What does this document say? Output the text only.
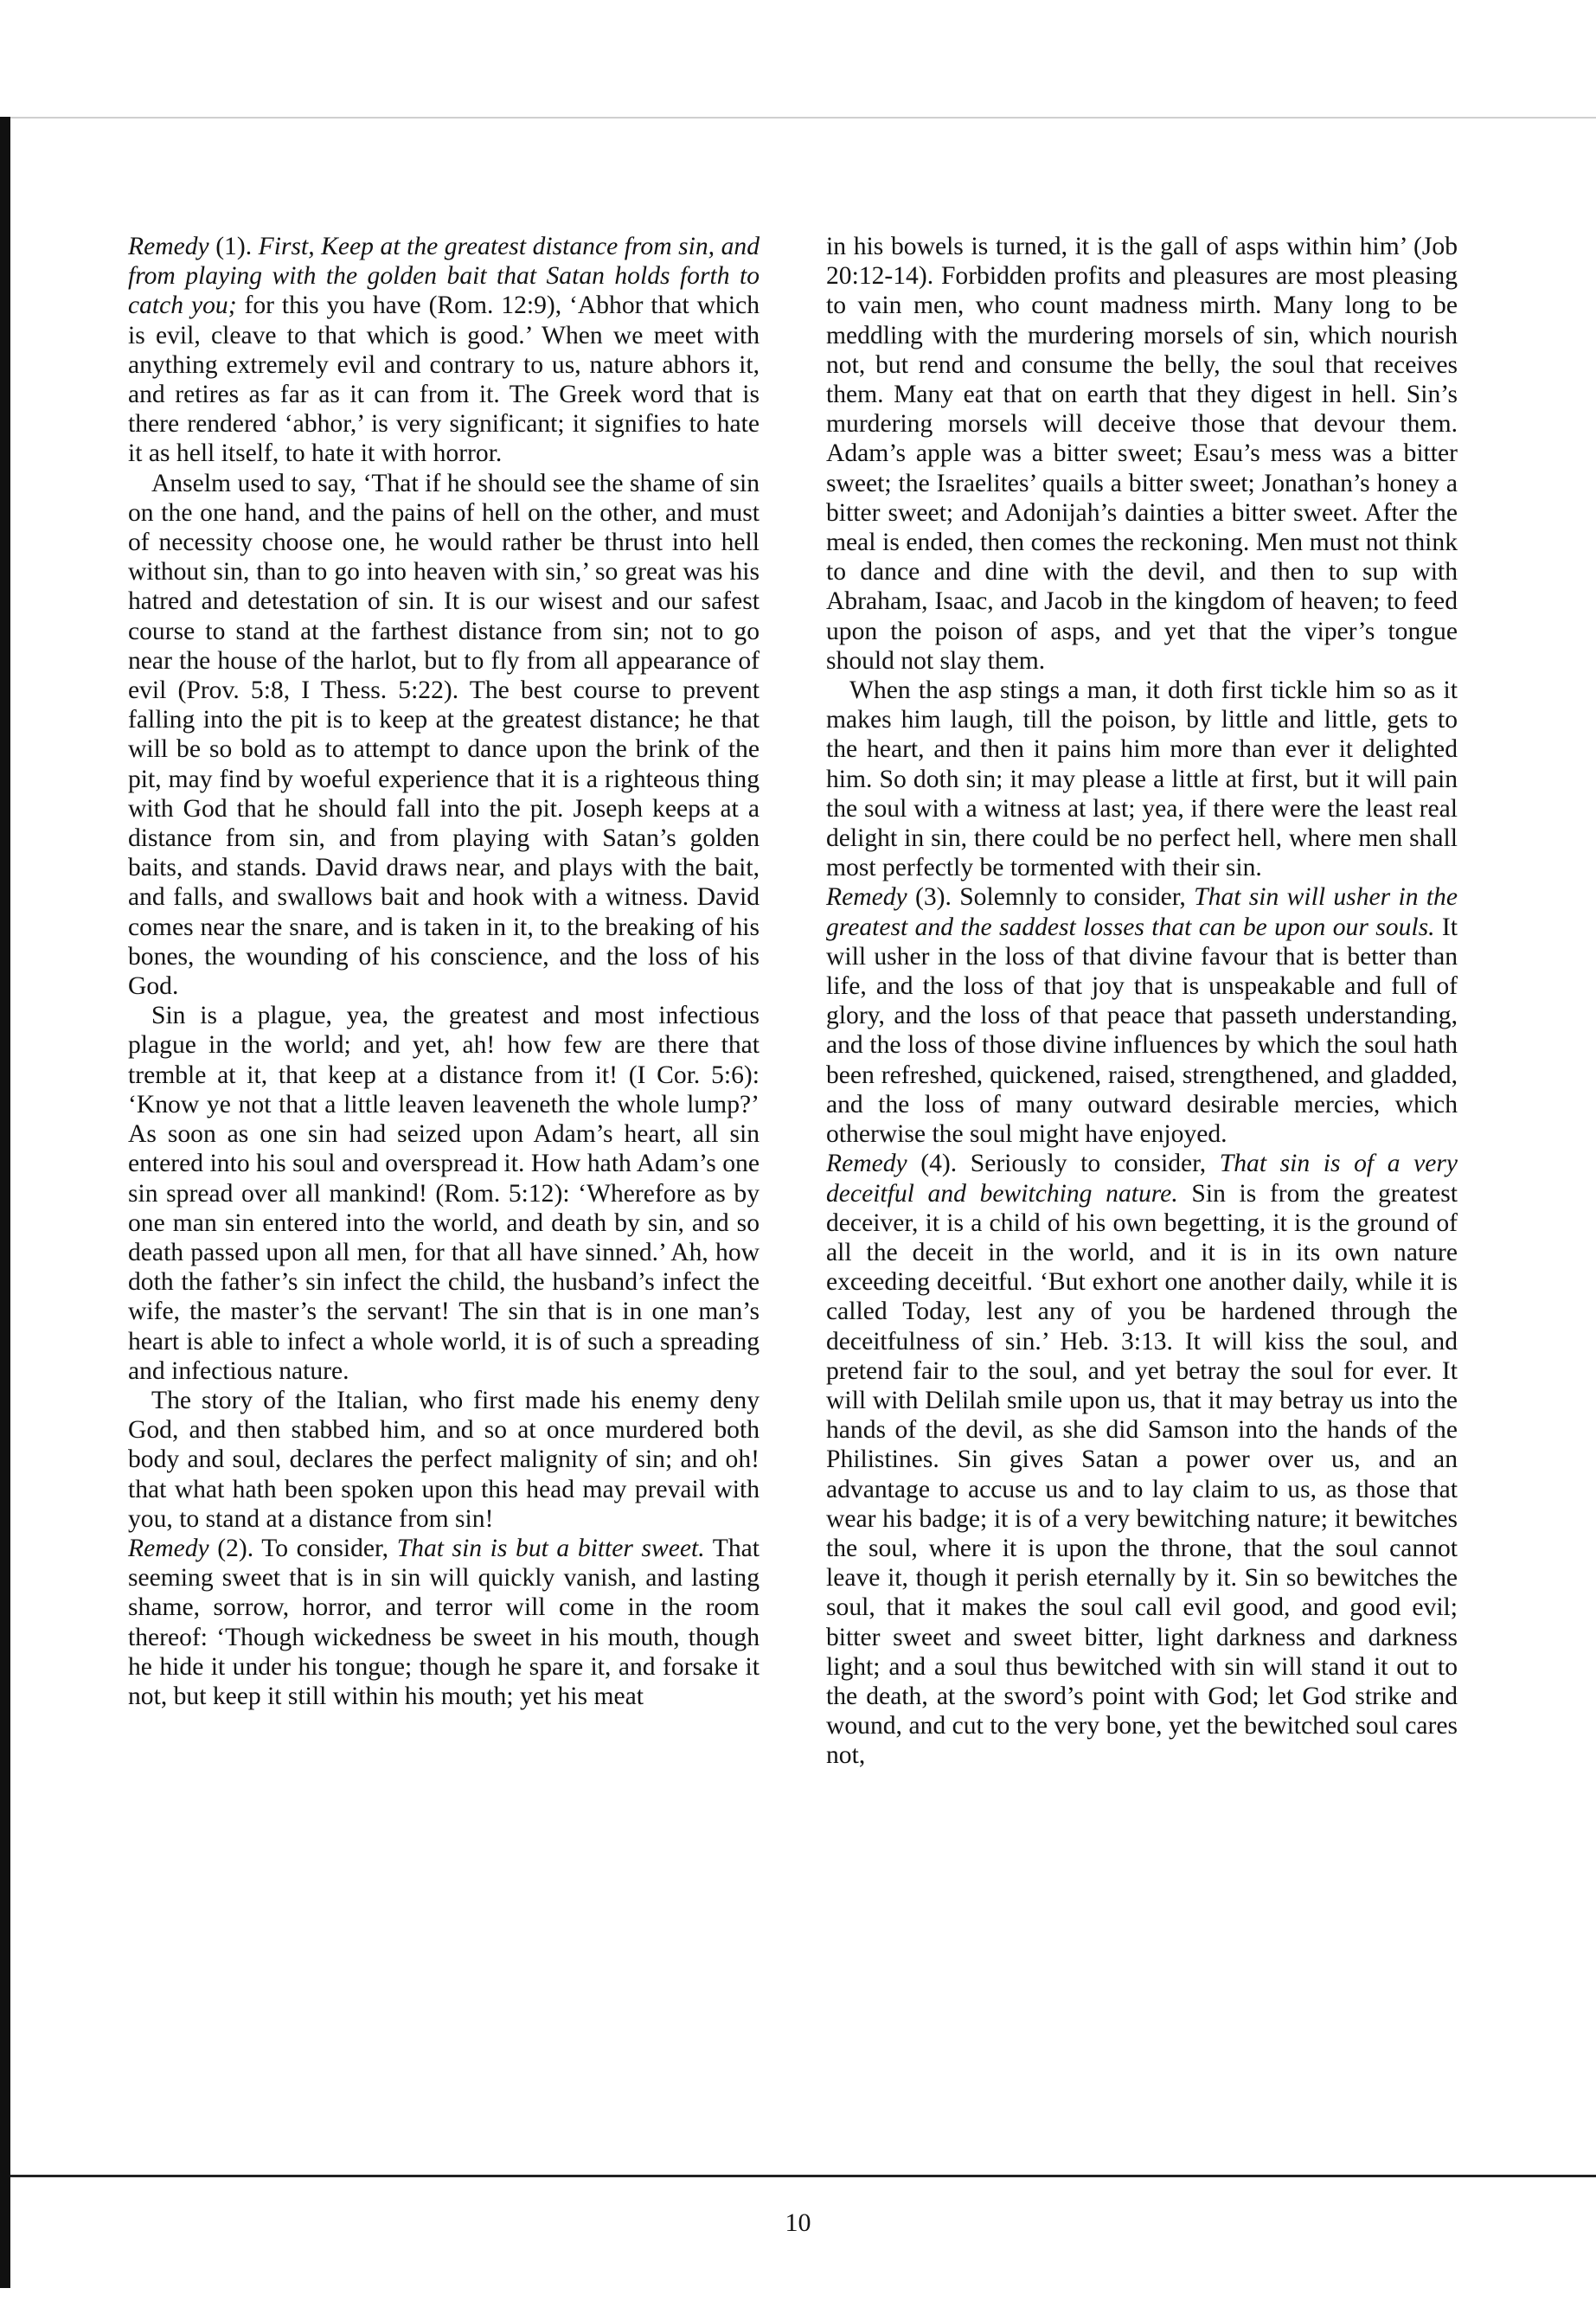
Remedy (1). First, Keep at the greatest distance from sin, and from playing with the golden bait that Satan holds forth to catch you; for this you have (Rom. 12:9), ‘Abhor that which is evil, cleave to that which is good.’ When we meet with anything extremely evil and contrary to us, nature abhors it, and retires as far as it can from it. The Greek word that is there rendered ‘abhor,’ is very significant; it signifies to hate it as hell itself, to hate it with horror.

Anselm used to say, ‘That if he should see the shame of sin on the one hand, and the pains of hell on the other, and must of necessity choose one, he would rather be thrust into hell without sin, than to go into heaven with sin,’ so great was his hatred and detestation of sin. It is our wisest and our safest course to stand at the farthest distance from sin; not to go near the house of the harlot, but to fly from all appearance of evil (Prov. 5:8, I Thess. 5:22). The best course to prevent falling into the pit is to keep at the greatest distance; he that will be so bold as to attempt to dance upon the brink of the pit, may find by woeful experience that it is a righteous thing with God that he should fall into the pit. Joseph keeps at a distance from sin, and from playing with Satan’s golden baits, and stands. David draws near, and plays with the bait, and falls, and swallows bait and hook with a witness. David comes near the snare, and is taken in it, to the breaking of his bones, the wounding of his conscience, and the loss of his God.

Sin is a plague, yea, the greatest and most infectious plague in the world; and yet, ah! how few are there that tremble at it, that keep at a distance from it! (I Cor. 5:6): ‘Know ye not that a little leaven leaveneth the whole lump?’ As soon as one sin had seized upon Adam’s heart, all sin entered into his soul and overspread it. How hath Adam’s one sin spread over all mankind! (Rom. 5:12): ‘Wherefore as by one man sin entered into the world, and death by sin, and so death passed upon all men, for that all have sinned.’ Ah, how doth the father’s sin infect the child, the husband’s infect the wife, the master’s the servant! The sin that is in one man’s heart is able to infect a whole world, it is of such a spreading and infectious nature.

The story of the Italian, who first made his enemy deny God, and then stabbed him, and so at once murdered both body and soul, declares the perfect malignity of sin; and oh! that what hath been spoken upon this head may prevail with you, to stand at a distance from sin!

Remedy (2). To consider, That sin is but a bitter sweet. That seeming sweet that is in sin will quickly vanish, and lasting shame, sorrow, horror, and terror will come in the room thereof: ‘Though wickedness be sweet in his mouth, though he hide it under his tongue; though he spare it, and forsake it not, but keep it still within his mouth; yet his meat

in his bowels is turned, it is the gall of asps within him’ (Job 20:12-14). Forbidden profits and pleasures are most pleasing to vain men, who count madness mirth. Many long to be meddling with the murdering morsels of sin, which nourish not, but rend and consume the belly, the soul that receives them. Many eat that on earth that they digest in hell. Sin’s murdering morsels will deceive those that devour them. Adam’s apple was a bitter sweet; Esau’s mess was a bitter sweet; the Israelites’ quails a bitter sweet; Jonathan’s honey a bitter sweet; and Adonijah’s dainties a bitter sweet. After the meal is ended, then comes the reckoning. Men must not think to dance and dine with the devil, and then to sup with Abraham, Isaac, and Jacob in the kingdom of heaven; to feed upon the poison of asps, and yet that the viper’s tongue should not slay them.

When the asp stings a man, it doth first tickle him so as it makes him laugh, till the poison, by little and little, gets to the heart, and then it pains him more than ever it delighted him. So doth sin; it may please a little at first, but it will pain the soul with a witness at last; yea, if there were the least real delight in sin, there could be no perfect hell, where men shall most perfectly be tormented with their sin.

Remedy (3). Solemnly to consider, That sin will usher in the greatest and the saddest losses that can be upon our souls. It will usher in the loss of that divine favour that is better than life, and the loss of that joy that is unspeakable and full of glory, and the loss of that peace that passeth understanding, and the loss of those divine influences by which the soul hath been refreshed, quickened, raised, strengthened, and gladded, and the loss of many outward desirable mercies, which otherwise the soul might have enjoyed.

Remedy (4). Seriously to consider, That sin is of a very deceitful and bewitching nature. Sin is from the greatest deceiver, it is a child of his own begetting, it is the ground of all the deceit in the world, and it is in its own nature exceeding deceitful. ‘But exhort one another daily, while it is called Today, lest any of you be hardened through the deceitfulness of sin.’ Heb. 3:13. It will kiss the soul, and pretend fair to the soul, and yet betray the soul for ever. It will with Delilah smile upon us, that it may betray us into the hands of the devil, as she did Samson into the hands of the Philistines. Sin gives Satan a power over us, and an advantage to accuse us and to lay claim to us, as those that wear his badge; it is of a very bewitching nature; it bewitches the soul, where it is upon the throne, that the soul cannot leave it, though it perish eternally by it. Sin so bewitches the soul, that it makes the soul call evil good, and good evil; bitter sweet and sweet bitter, light darkness and darkness light; and a soul thus bewitched with sin will stand it out to the death, at the sword’s point with God; let God strike and wound, and cut to the very bone, yet the bewitched soul cares not,

10
